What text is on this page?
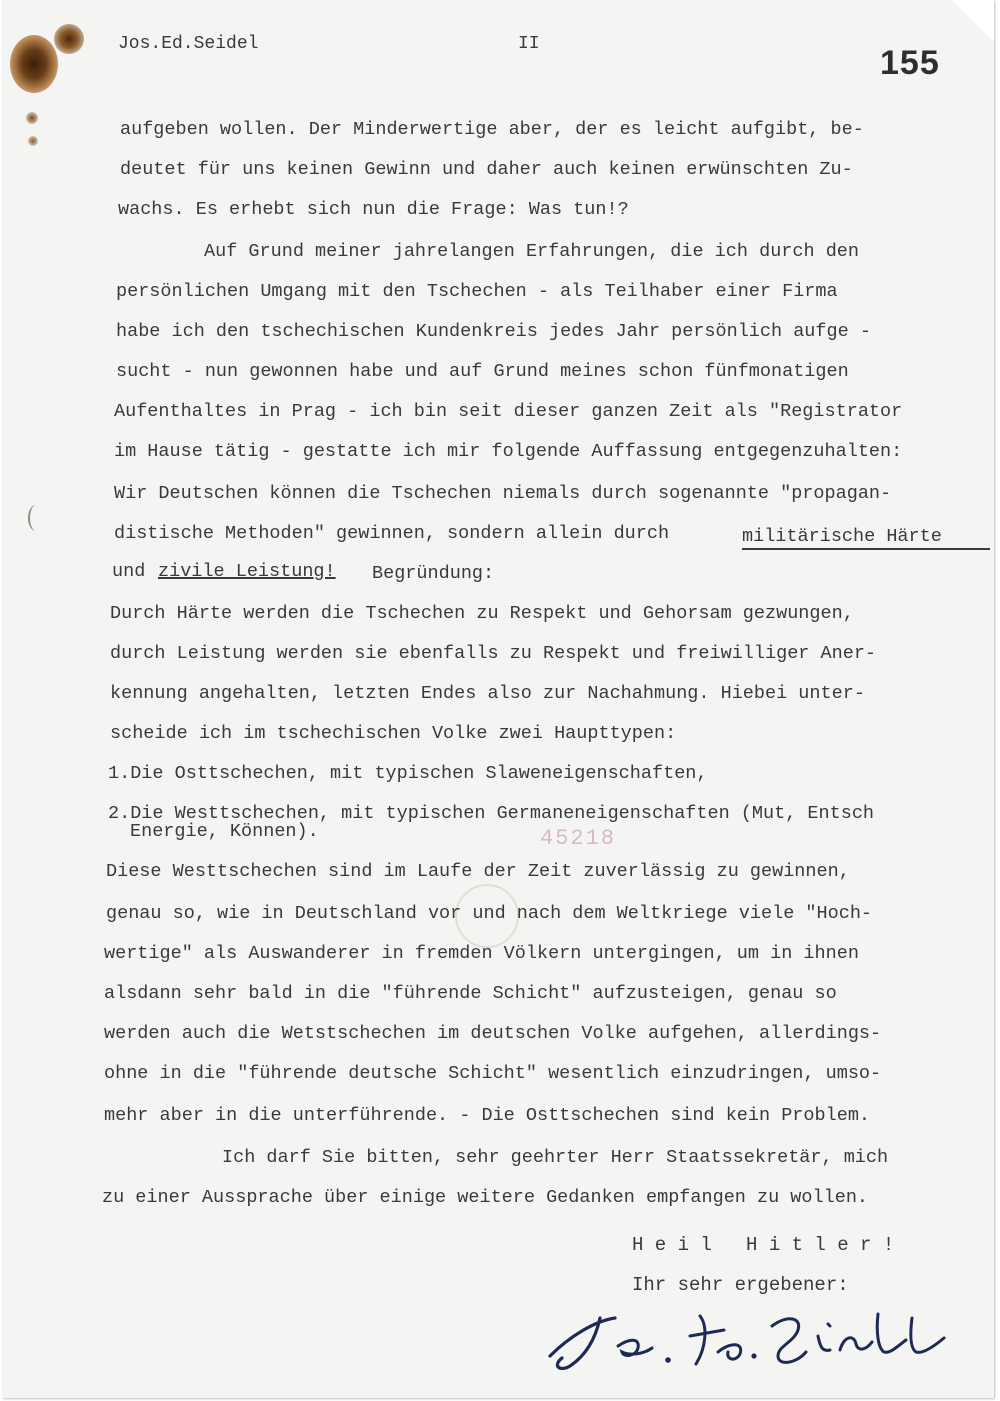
45218
Jos.Ed.Seidel	II	155
aufgeben wollen. Der Minderwertige aber, der es leicht aufgibt, be-
deutet für uns keinen Gewinn und daher auch keinen erwünschten Zu-
wachs. Es erhebt sich nun die Frage: Was tun!?
Auf Grund meiner jahrelangen Erfahrungen, die ich durch den
persönlichen Umgang mit den Tschechen - als Teilhaber einer Firma
habe ich den tschechischen Kundenkreis jedes Jahr persönlich aufge -
sucht - nun gewonnen habe und auf Grund meines schon fünfmonatigen
Aufenthaltes in Prag - ich bin seit dieser ganzen Zeit als "Registrator
im Hause tätig - gestatte ich mir folgende Auffassung entgegenzuhalten:
Wir Deutschen können die Tschechen niemals durch sogenannte "propagan-
distische Methoden" gewinnen, sondern allein durch	militärische Härte
und zivile Leistung! Begründung:
Durch Härte werden die Tschechen zu Respekt und Gehorsam gezwungen,
durch Leistung werden sie ebenfalls zu Respekt und freiwilliger Aner-
kennung angehalten, letzten Endes also zur Nachahmung. Hiebei unter-
scheide ich im tschechischen Volke zwei Haupttypen:
1.Die Osttschechen, mit typischen Slaweneigenschaften,
2.Die Westtschechen, mit typischen Germaneneigenschaften (Mut, Entsch
Energie, Können).
Diese Westtschechen sind im Laufe der Zeit zuverlässig zu gewinnen,
genau so, wie in Deutschland vor und nach dem Weltkriege viele "Hoch-
wertige" als Auswanderer in fremden Völkern untergingen, um in ihnen
alsdann sehr bald in die "führende Schicht" aufzusteigen, genau so
werden auch die Wetstschechen im deutschen Volke aufgehen, allerdings-
ohne in die "führende deutsche Schicht" wesentlich einzudringen, umso-
mehr aber in die unterführende. - Die Osttschechen sind kein Problem.
Ich darf Sie bitten, sehr geehrter Herr Staatssekretär, mich
zu einer Aussprache über einige weitere Gedanken empfangen zu wollen.
H e i l   H i t l e r !
Ihr sehr ergebener:
